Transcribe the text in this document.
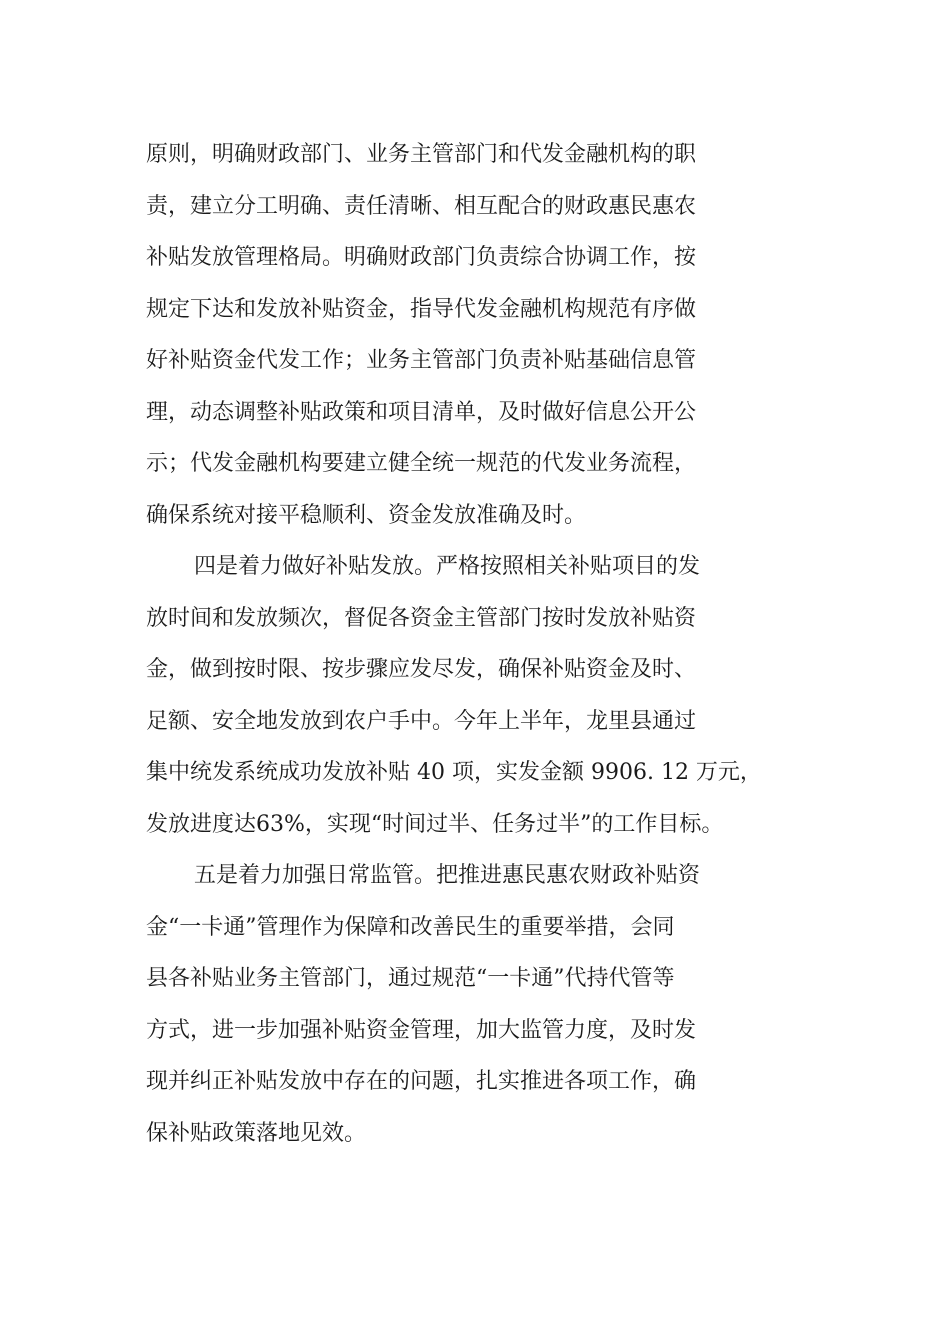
原则，明确财政部门、业务主管部门和代发金融机构的职
责，建立分工明确、责任清晰、相互配合的财政惠民惠农
补贴发放管理格局。明确财政部门负责综合协调工作，按
规定下达和发放补贴资金，指导代发金融机构规范有序做
好补贴资金代发工作；业务主管部门负责补贴基础信息管
理，动态调整补贴政策和项目清单，及时做好信息公开公
示；代发金融机构要建立健全统一规范的代发业务流程，
确保系统对接平稳顺利、资金发放准确及时。
四是着力做好补贴发放。严格按照相关补贴项目的发
放时间和发放频次，督促各资金主管部门按时发放补贴资
金，做到按时限、按步骤应发尽发，确保补贴资金及时、
足额、安全地发放到农户手中。今年上半年，龙里县通过
集中统发系统成功发放补贴 40 项，实发金额 9906. 12 万元，
发放进度达63%，实现“时间过半、任务过半”的工作目标。
五是着力加强日常监管。把推进惠民惠农财政补贴资
金“一卡通”管理作为保障和改善民生的重要举措，会同
县各补贴业务主管部门，通过规范“一卡通”代持代管等
方式，进一步加强补贴资金管理，加大监管力度，及时发
现并纠正补贴发放中存在的问题，扎实推进各项工作，确
保补贴政策落地见效。
